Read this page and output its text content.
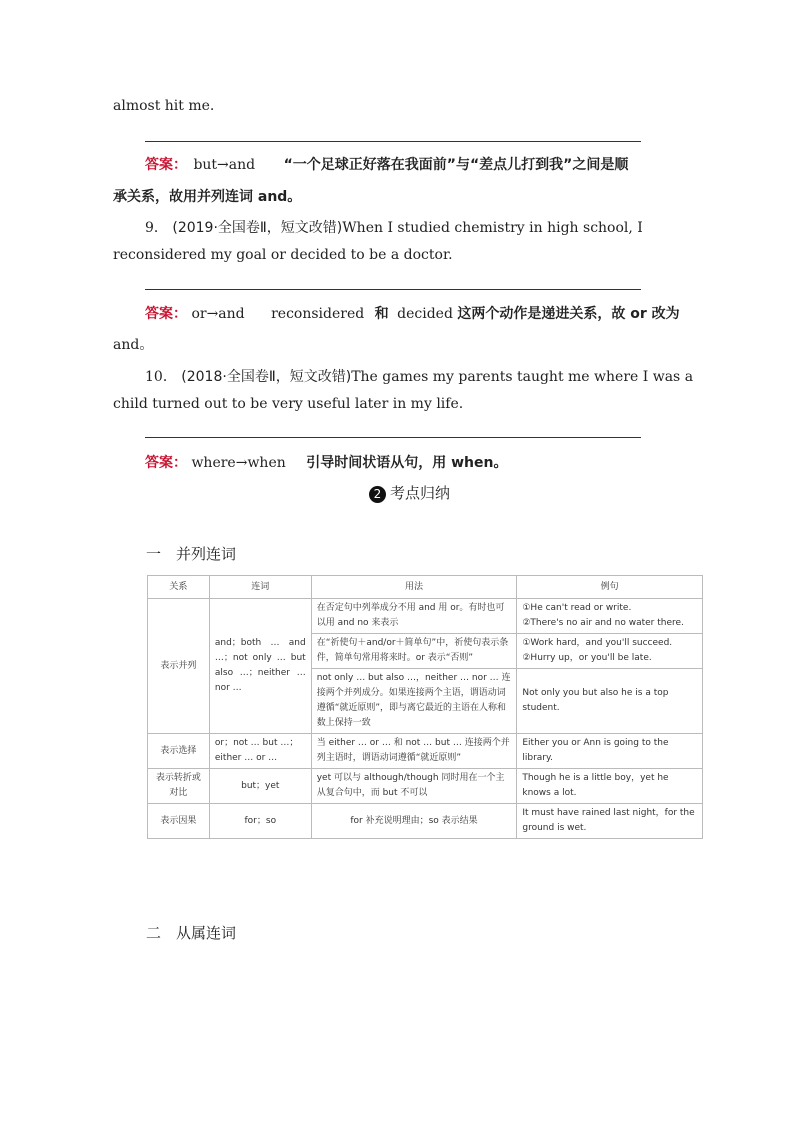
almost hit me.
答案： but→and “一个足球正好落在我面前”与“差点儿打到我”之间是顺
承关系，故用并列连词 and。
9． (2019·全国卷Ⅱ，短文改错)When I studied chemistry in high school, I
reconsidered my goal or decided to be a doctor.
答案： or→and reconsidered 和 decided 这两个动作是递进关系，故 or 改为
and。
10． (2018·全国卷Ⅱ，短文改错)The games my parents taught me where I was a
child turned out to be very useful later in my life.
答案： where→when 引导时间状语从句，用 when。
2 考点归纳
一　并列连词
关系	连词	用法	例句
表示并列	and；both … and …；not only … but also …；neither … nor …	在否定句中列举成分不用 and 用 or。有时也可以用 and no 来表示	①He can't read or write.
②There's no air and no water there.

		在“祈使句＋and/or＋简单句”中，祈使句表示条件，简单句常用将来时。or 表示“否则”	①Work hard，and you'll succeed.
②Hurry up，or you'll be late.

		not only … but also …，neither … nor … 连接两个并列成分。如果连接两个主语，谓语动词遵循“就近原则”，即与离它最近的主语在人称和数上保持一致	Not only you but also he is a top student.
表示选择	or；not … but …；either … or …	当 either … or … 和 not … but … 连接两个并列主语时，谓语动词遵循“就近原则”	Either you or Ann is going to the library.
表示转折或对比	but；yet	yet 可以与 although/though 同时用在一个主从复合句中，而 but 不可以	Though he is a little boy，yet he knows a lot.
表示因果	for；so	for 补充说明理由；so 表示结果	It must have rained last night，for the ground is wet.
二　从属连词
